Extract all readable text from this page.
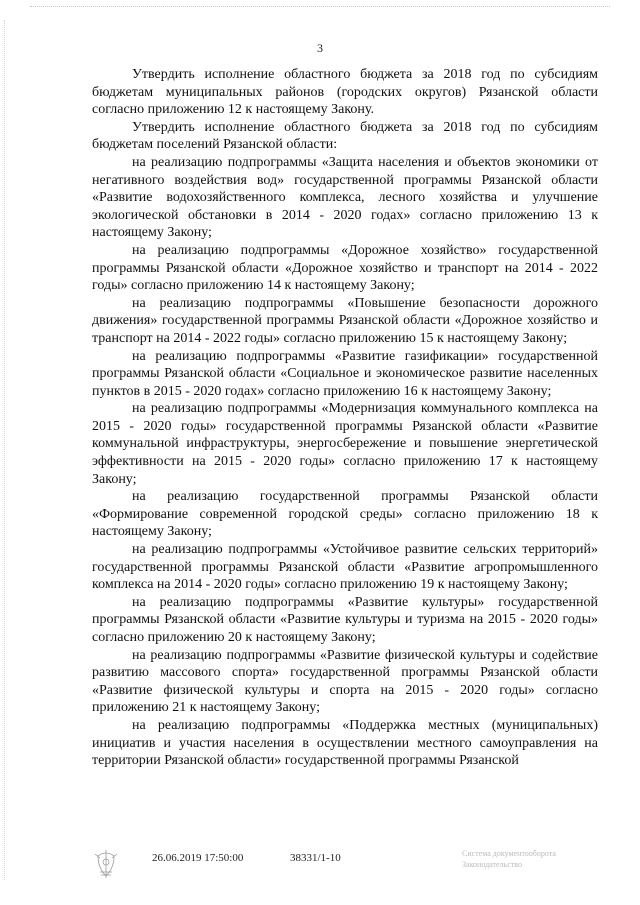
3

Утвердить исполнение областного бюджета за 2018 год по субсидиям бюджетам муниципальных районов (городских округов) Рязанской области согласно приложению 12 к настоящему Закону.

Утвердить исполнение областного бюджета за 2018 год по субсидиям бюджетам поселений Рязанской области:

на реализацию подпрограммы «Защита населения и объектов экономики от негативного воздействия вод» государственной программы Рязанской области «Развитие водохозяйственного комплекса, лесного хозяйства и улучшение экологической обстановки в 2014 - 2020 годах» согласно приложению 13 к настоящему Закону;

на реализацию подпрограммы «Дорожное хозяйство» государственной программы Рязанской области «Дорожное хозяйство и транспорт на 2014 - 2022 годы» согласно приложению 14 к настоящему Закону;

на реализацию подпрограммы «Повышение безопасности дорожного движения» государственной программы Рязанской области «Дорожное хозяйство и транспорт на 2014 - 2022 годы» согласно приложению 15 к настоящему Закону;

на реализацию подпрограммы «Развитие газификации» государственной программы Рязанской области «Социальное и экономическое развитие населенных пунктов в 2015 - 2020 годах» согласно приложению 16 к настоящему Закону;

на реализацию подпрограммы «Модернизация коммунального комплекса на 2015 - 2020 годы» государственной программы Рязанской области «Развитие коммунальной инфраструктуры, энергосбережение и повышение энергетической эффективности на 2015 - 2020 годы» согласно приложению 17 к настоящему Закону;

на реализацию государственной программы Рязанской области «Формирование современной городской среды» согласно приложению 18 к настоящему Закону;

на реализацию подпрограммы «Устойчивое развитие сельских территорий» государственной программы Рязанской области «Развитие агропромышленного комплекса на 2014 - 2020 годы» согласно приложению 19 к настоящему Закону;

на реализацию подпрограммы «Развитие культуры» государственной программы Рязанской области «Развитие культуры и туризма на 2015 - 2020 годы» согласно приложению 20 к настоящему Закону;

на реализацию подпрограммы «Развитие физической культуры и содействие развитию массового спорта» государственной программы Рязанской области «Развитие физической культуры и спорта на 2015 - 2020 годы» согласно приложению 21 к настоящему Закону;

на реализацию подпрограммы «Поддержка местных (муниципальных) инициатив и участия населения в осуществлении местного самоуправления на территории Рязанской области» государственной программы Рязанской

26.06.2019 17:50:00	38331/1-10	Система документооборота
Законодательство
